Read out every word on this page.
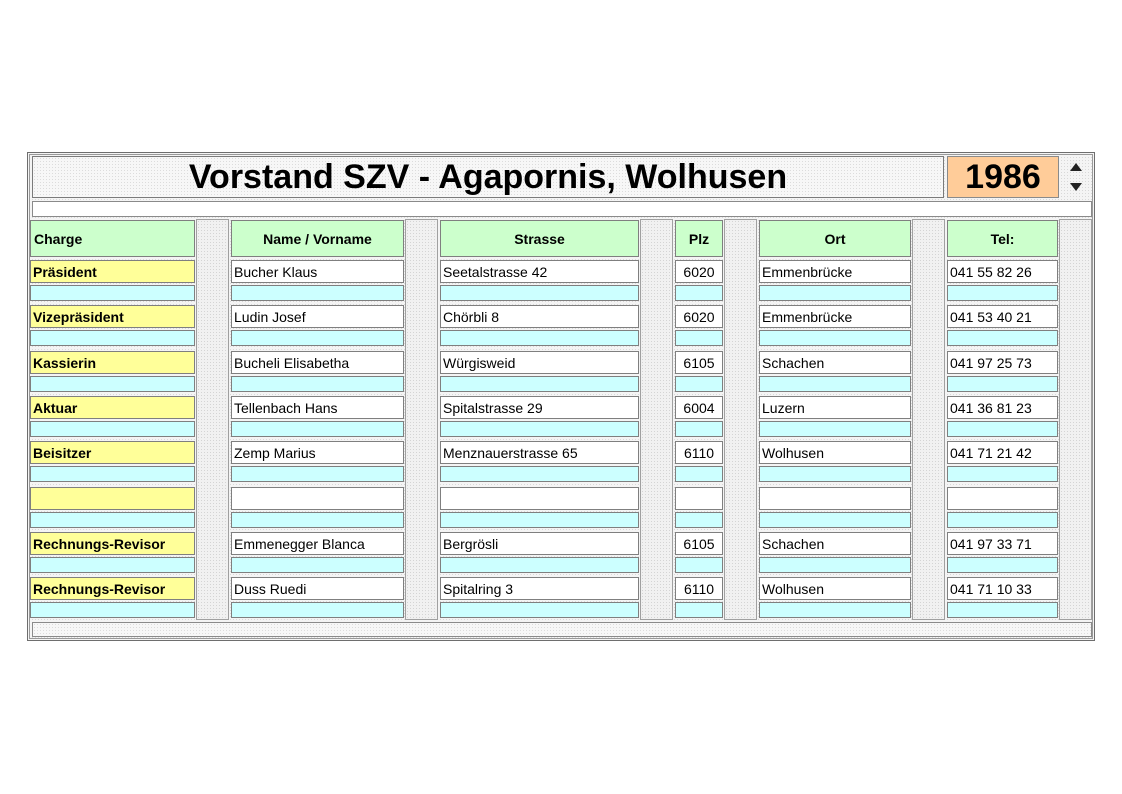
Vorstand SZV - Agapornis, Wolhusen	1986
Charge	Name / Vorname	Strasse	Plz	Ort	Tel:
Präsident	Bucher Klaus	Seetalstrasse 42	6020	Emmenbrücke	041 55 82 26
Vizepräsident	Ludin Josef	Chörbli 8	6020	Emmenbrücke	041 53 40 21
Kassierin	Bucheli Elisabetha	Würgisweid	6105	Schachen	041 97 25 73
Aktuar	Tellenbach Hans	Spitalstrasse 29	6004	Luzern	041 36 81 23
Beisitzer	Zemp Marius	Menznauerstrasse 65	6110	Wolhusen	041 71 21 42
Rechnungs-Revisor	Emmenegger Blanca	Bergrösli	6105	Schachen	041 97 33 71
Rechnungs-Revisor	Duss Ruedi	Spitalring 3	6110	Wolhusen	041 71 10 33
